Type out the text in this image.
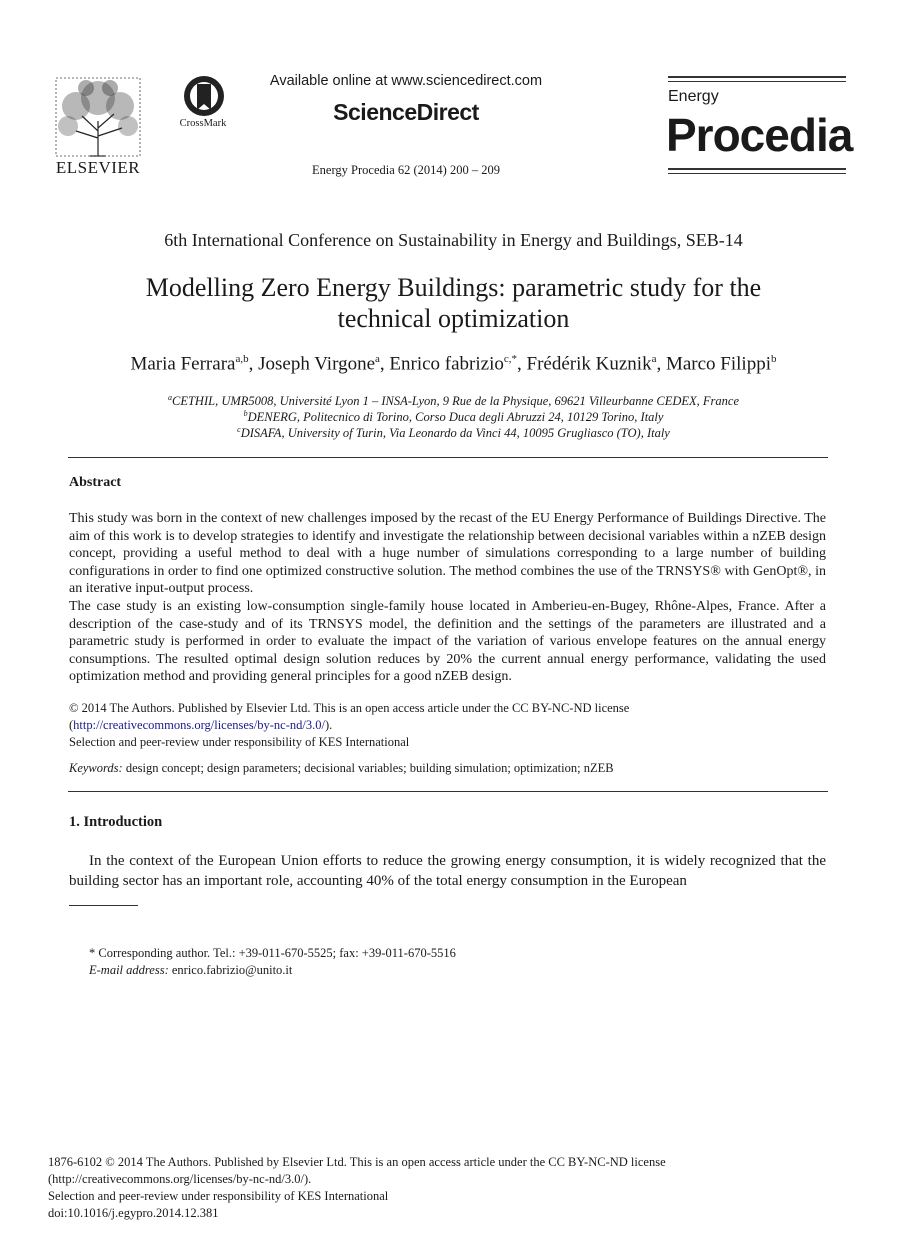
ELSEVIER
CrossMark
Available online at www.sciencedirect.com
ScienceDirect
Energy Procedia 62 (2014) 200 – 209
Energy
Procedia
6th International Conference on Sustainability in Energy and Buildings, SEB-14
Modelling Zero Energy Buildings: parametric study for the
technical optimization
Maria Ferrara$^{a,b}$, Joseph Virgone$^a$, Enrico fabrizio$^{c,*}$, Frédérik Kuznik$^a$, Marco Filippi$^b$
$^a$CETHIL, UMR5008, Université Lyon 1 – INSA-Lyon, 9 Rue de la Physique, 69621 Villeurbanne CEDEX, France
$^b$DENERG, Politecnico di Torino, Corso Duca degli Abruzzi 24, 10129 Torino, Italy
$^c$DISAFA, University of Turin, Via Leonardo da Vinci 44, 10095 Grugliasco (TO), Italy
Abstract
This study was born in the context of new challenges imposed by the recast of the EU Energy Performance of Buildings Directive. The aim of this work is to develop strategies to identify and investigate the relationship between decisional variables within a nZEB design concept, providing a useful method to deal with a huge number of simulations corresponding to a large number of building configurations in order to find one optimized constructive solution. The method combines the use of the TRNSYS® with GenOpt®, in an iterative input-output process.
The case study is an existing low-consumption single-family house located in Amberieu-en-Bugey, Rhône-Alpes, France. After a description of the case-study and of its TRNSYS model, the definition and the settings of the parameters are illustrated and a parametric study is performed in order to evaluate the impact of the variation of various envelope features on the annual energy consumptions. The resulted optimal design solution reduces by 20% the current annual energy performance, validating the used optimization method and providing general principles for a good nZEB design.
© 2014 The Authors. Published by Elsevier Ltd. This is an open access article under the CC BY-NC-ND license
(http://creativecommons.org/licenses/by-nc-nd/3.0/).
Selection and peer-review under responsibility of KES International
Keywords: design concept; design parameters; decisional variables; building simulation; optimization; nZEB
1. Introduction
In the context of the European Union efforts to reduce the growing energy consumption, it is widely recognized that the building sector has an important role, accounting 40% of the total energy consumption in the European
* Corresponding author. Tel.: +39-011-670-5525; fax: +39-011-670-5516
E-mail address: enrico.fabrizio@unito.it
1876-6102 © 2014 The Authors. Published by Elsevier Ltd. This is an open access article under the CC BY-NC-ND license
(http://creativecommons.org/licenses/by-nc-nd/3.0/).
Selection and peer-review under responsibility of KES International
doi:10.1016/j.egypro.2014.12.381
